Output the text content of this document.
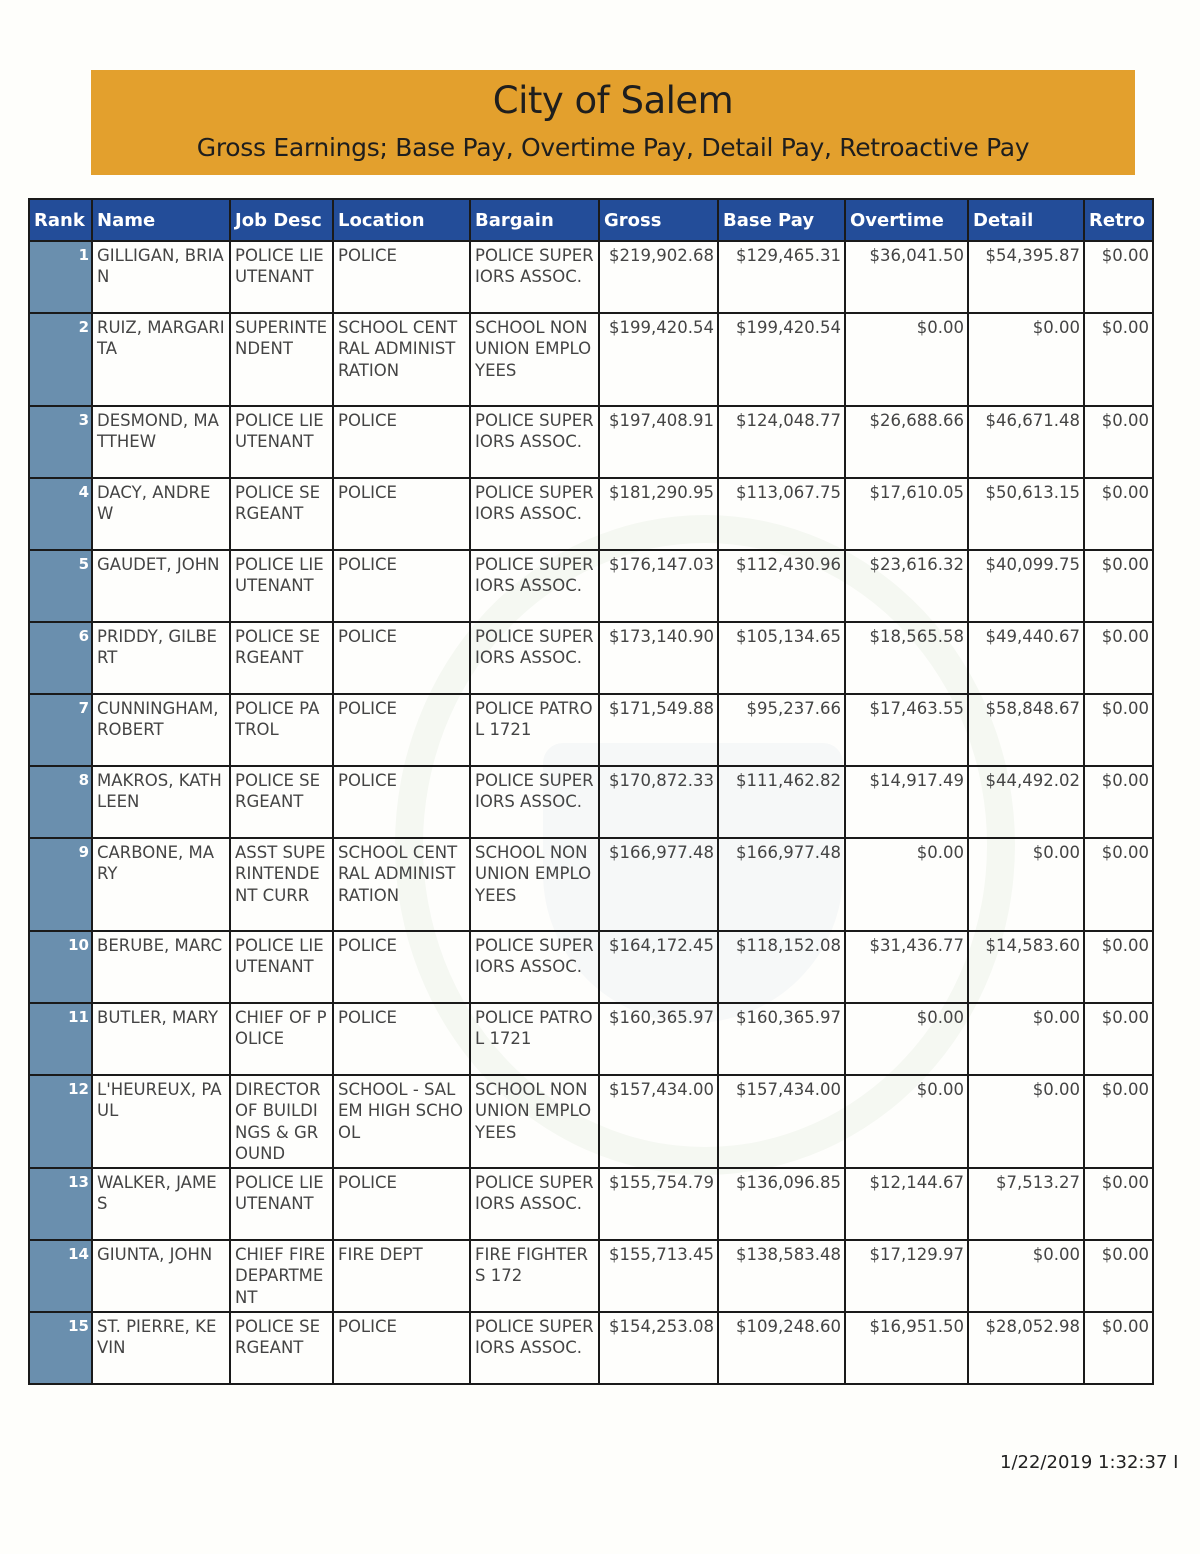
City of Salem
Gross Earnings; Base Pay, Overtime Pay, Detail Pay, Retroactive Pay
Rank	Name	Job Desc	Location	Bargain	Gross	Base Pay	Overtime	Detail	Retro
1	GILLIGAN, BRIAN	POLICE LIEUTENANT	POLICE	POLICE SUPERIORS ASSOC.	$219,902.68	$129,465.31	$36,041.50	$54,395.87	$0.00
2	RUIZ, MARGARITA	SUPERINTENDENT	SCHOOL CENTRAL ADMINISTRATION	SCHOOL NON UNION EMPLOYEES	$199,420.54	$199,420.54	$0.00	$0.00	$0.00
3	DESMOND, MATTHEW	POLICE LIEUTENANT	POLICE	POLICE SUPERIORS ASSOC.	$197,408.91	$124,048.77	$26,688.66	$46,671.48	$0.00
4	DACY, ANDREW	POLICE SERGEANT	POLICE	POLICE SUPERIORS ASSOC.	$181,290.95	$113,067.75	$17,610.05	$50,613.15	$0.00
5	GAUDET, JOHN	POLICE LIEUTENANT	POLICE	POLICE SUPERIORS ASSOC.	$176,147.03	$112,430.96	$23,616.32	$40,099.75	$0.00
6	PRIDDY, GILBERT	POLICE SERGEANT	POLICE	POLICE SUPERIORS ASSOC.	$173,140.90	$105,134.65	$18,565.58	$49,440.67	$0.00
7	CUNNINGHAM, ROBERT	POLICE PATROL	POLICE	POLICE PATROL 1721	$171,549.88	$95,237.66	$17,463.55	$58,848.67	$0.00
8	MAKROS, KATHLEEN	POLICE SERGEANT	POLICE	POLICE SUPERIORS ASSOC.	$170,872.33	$111,462.82	$14,917.49	$44,492.02	$0.00
9	CARBONE, MARY	ASST SUPERINTENDENT CURR	SCHOOL CENTRAL ADMINISTRATION	SCHOOL NON UNION EMPLOYEES	$166,977.48	$166,977.48	$0.00	$0.00	$0.00
10	BERUBE, MARC	POLICE LIEUTENANT	POLICE	POLICE SUPERIORS ASSOC.	$164,172.45	$118,152.08	$31,436.77	$14,583.60	$0.00
11	BUTLER, MARY	CHIEF OF POLICE	POLICE	POLICE PATROL 1721	$160,365.97	$160,365.97	$0.00	$0.00	$0.00
12	L'HEUREUX, PAUL	DIRECTOR OF BUILDINGS & GROUND	SCHOOL - SALEM HIGH SCHOOL	SCHOOL NON UNION EMPLOYEES	$157,434.00	$157,434.00	$0.00	$0.00	$0.00
13	WALKER, JAMES	POLICE LIEUTENANT	POLICE	POLICE SUPERIORS ASSOC.	$155,754.79	$136,096.85	$12,144.67	$7,513.27	$0.00
14	GIUNTA, JOHN	CHIEF FIRE DEPARTMENT	FIRE DEPT	FIRE FIGHTERS 172	$155,713.45	$138,583.48	$17,129.97	$0.00	$0.00
15	ST. PIERRE, KEVIN	POLICE SERGEANT	POLICE	POLICE SUPERIORS ASSOC.	$154,253.08	$109,248.60	$16,951.50	$28,052.98	$0.00
1/22/2019 1:32:37 I
